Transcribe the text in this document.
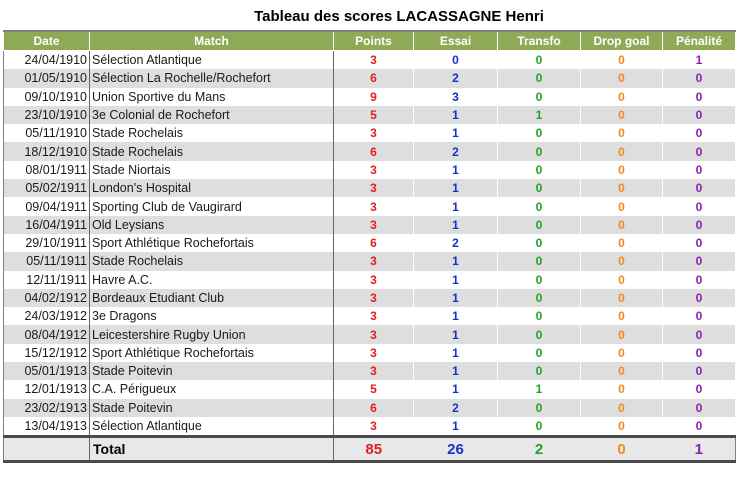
Tableau des scores LACASSAGNE Henri
Date	Match	Points	Essai	Transfo	Drop goal	Pénalité
24/04/1910	Sélection Atlantique	3	0	0	0	1
01/05/1910	Sélection La Rochelle/Rochefort	6	2	0	0	0
09/10/1910	Union Sportive du Mans	9	3	0	0	0
23/10/1910	3e Colonial de Rochefort	5	1	1	0	0
05/11/1910	Stade Rochelais	3	1	0	0	0
18/12/1910	Stade Rochelais	6	2	0	0	0
08/01/1911	Stade Niortais	3	1	0	0	0
05/02/1911	London's Hospital	3	1	0	0	0
09/04/1911	Sporting Club de Vaugirard	3	1	0	0	0
16/04/1911	Old Leysians	3	1	0	0	0
29/10/1911	Sport Athlétique Rochefortais	6	2	0	0	0
05/11/1911	Stade Rochelais	3	1	0	0	0
12/11/1911	Havre A.C.	3	1	0	0	0
04/02/1912	Bordeaux Etudiant Club	3	1	0	0	0
24/03/1912	3e Dragons	3	1	0	0	0
08/04/1912	Leicestershire Rugby Union	3	1	0	0	0
15/12/1912	Sport Athlétique Rochefortais	3	1	0	0	0
05/01/1913	Stade Poitevin	3	1	0	0	0
12/01/1913	C.A. Périgueux	5	1	1	0	0
23/02/1913	Stade Poitevin	6	2	0	0	0
13/04/1913	Sélection Atlantique	3	1	0	0	0
	Total	85	26	2	0	1
